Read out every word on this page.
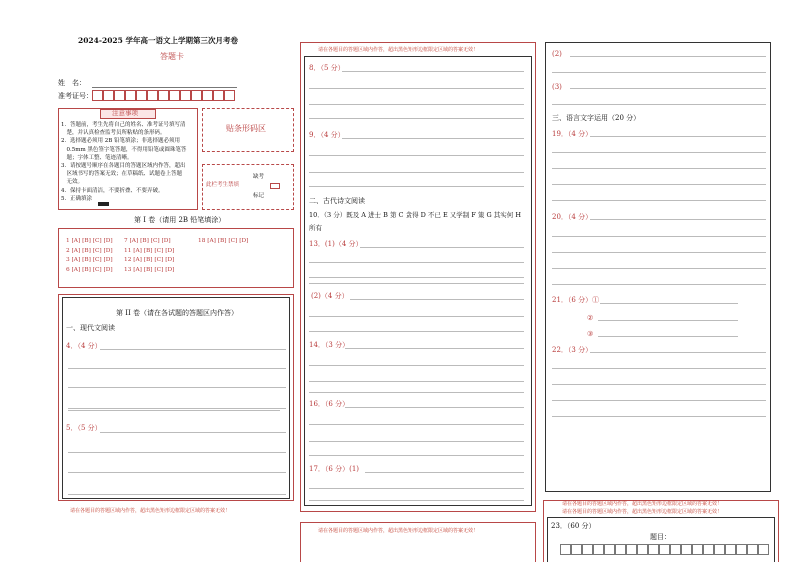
2024-2025 学年高一语文上学期第三次月考卷
答题卡
姓　名：
准考证号：
注意事项
1．答题前，考生先将自己的姓名、准考证号填写清
　楚，并认真检查监考员所粘贴的条形码。
2．选择题必须用 2B 铅笔填涂；非选择题必须用
　0.5mm 黑色签字笔答题，不得用铅笔或圆珠笔答
　题；字体工整、笔迹清晰。
3．请按题号顺序在各题目的答题区域内作答，超出
　区域书写的答案无效；在草稿纸、试题卷上答题
　无效。
4．保持卡面清洁，不要折叠、不要弄破。
5．正确填涂
贴条形码区
此栏考生禁填
缺考
标记
第 I 卷（请用 2B 铅笔填涂）
1 [A] [B] [C] [D]
2 [A] [B] [C] [D]
3 [A] [B] [C] [D]
6 [A] [B] [C] [D]
7 [A] [B] [C] [D]
11 [A] [B] [C] [D]
12 [A] [B] [C] [D]
13 [A] [B] [C] [D]
18 [A] [B] [C] [D]
第 II 卷（请在各试题的答题区内作答）
一、现代文阅读
4．（4 分）
5．（5 分）
请在各题目的答题区域内作答，超出黑色矩形边框限定区域的答案无效！
请在各题目的答题区域内作答，超出黑色矩形边框限定区域的答案无效！
8．（5 分）
9．（4 分）
二、古代诗文阅读
10．（3 分）既及 A 进士 B 第 C 贪得 D 不已 E 又学制 F 策 G 其实何 H
所有
13．(1)（4 分）
(2)（4 分）
14．（3 分）
16．（6 分）
17．（6 分）(1)
请在各题目的答题区域内作答，超出黑色矩形边框限定区域的答案无效！
(2)
(3)
三、语言文字运用（20 分）
19．（4 分）
20．（4 分）
21．（6 分）①
②
③
22．（3 分）
请在各题目的答题区域内作答，超出黑色矩形边框限定区域的答案无效！
请在各题目的答题区域内作答，超出黑色矩形边框限定区域的答案无效！
23．（60 分）
题目：
